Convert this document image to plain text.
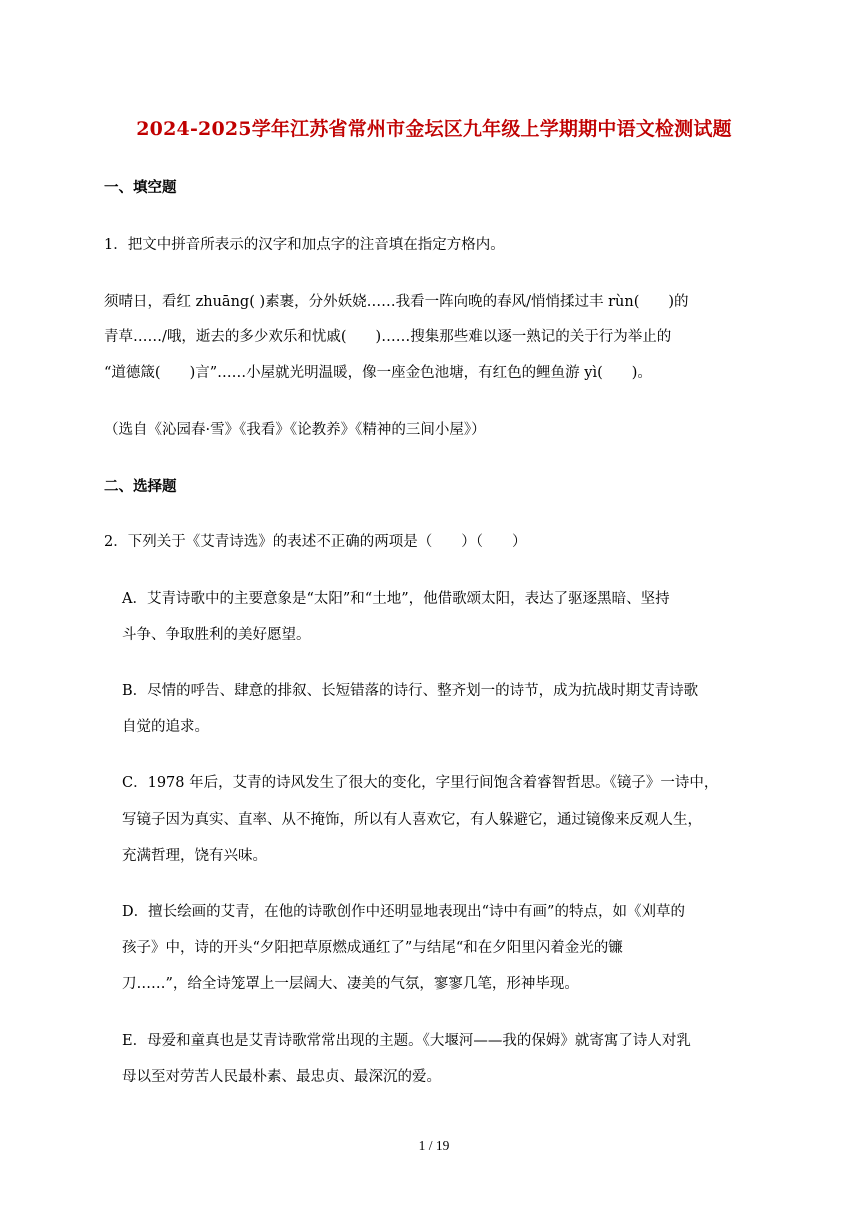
2024-2025学年江苏省常州市金坛区九年级上学期期中语文检测试题
一、填空题
1．把文中拼音所表示的汉字和加点字的注音填在指定方格内。
须晴日，看红 zhuāng( )素裹，分外妖娆……我看一阵向晚的春风/悄悄揉过丰 rùn(　　)的
青草……/哦，逝去的多少欢乐和忧戚(　　)……搜集那些难以逐一熟记的关于行为举止的
“道德箴(　　)言”……小屋就光明温暖，像一座金色池塘，有红色的鲤鱼游 yì(　　)。
（选自《沁园春·雪》《我看》《论教养》《精神的三间小屋》）
二、选择题
2．下列关于《艾青诗选》的表述不正确的两项是（　　）（　　）
A．艾青诗歌中的主要意象是“太阳”和“土地”，他借歌颂太阳，表达了驱逐黑暗、坚持
斗争、争取胜利的美好愿望。
B．尽情的呼告、肆意的排叙、长短错落的诗行、整齐划一的诗节，成为抗战时期艾青诗歌
自觉的追求。
C．1978 年后，艾青的诗风发生了很大的变化，字里行间饱含着睿智哲思。《镜子》一诗中，
写镜子因为真实、直率、从不掩饰，所以有人喜欢它，有人躲避它，通过镜像来反观人生，
充满哲理，饶有兴味。
D．擅长绘画的艾青，在他的诗歌创作中还明显地表现出“诗中有画”的特点，如《刈草的
孩子》中，诗的开头“夕阳把草原燃成通红了”与结尾“和在夕阳里闪着金光的镰
刀……”，给全诗笼罩上一层阔大、凄美的气氛，寥寥几笔，形神毕现。
E．母爱和童真也是艾青诗歌常常出现的主题。《大堰河——我的保姆》就寄寓了诗人对乳
母以至对劳苦人民最朴素、最忠贞、最深沉的爱。
1 / 19
